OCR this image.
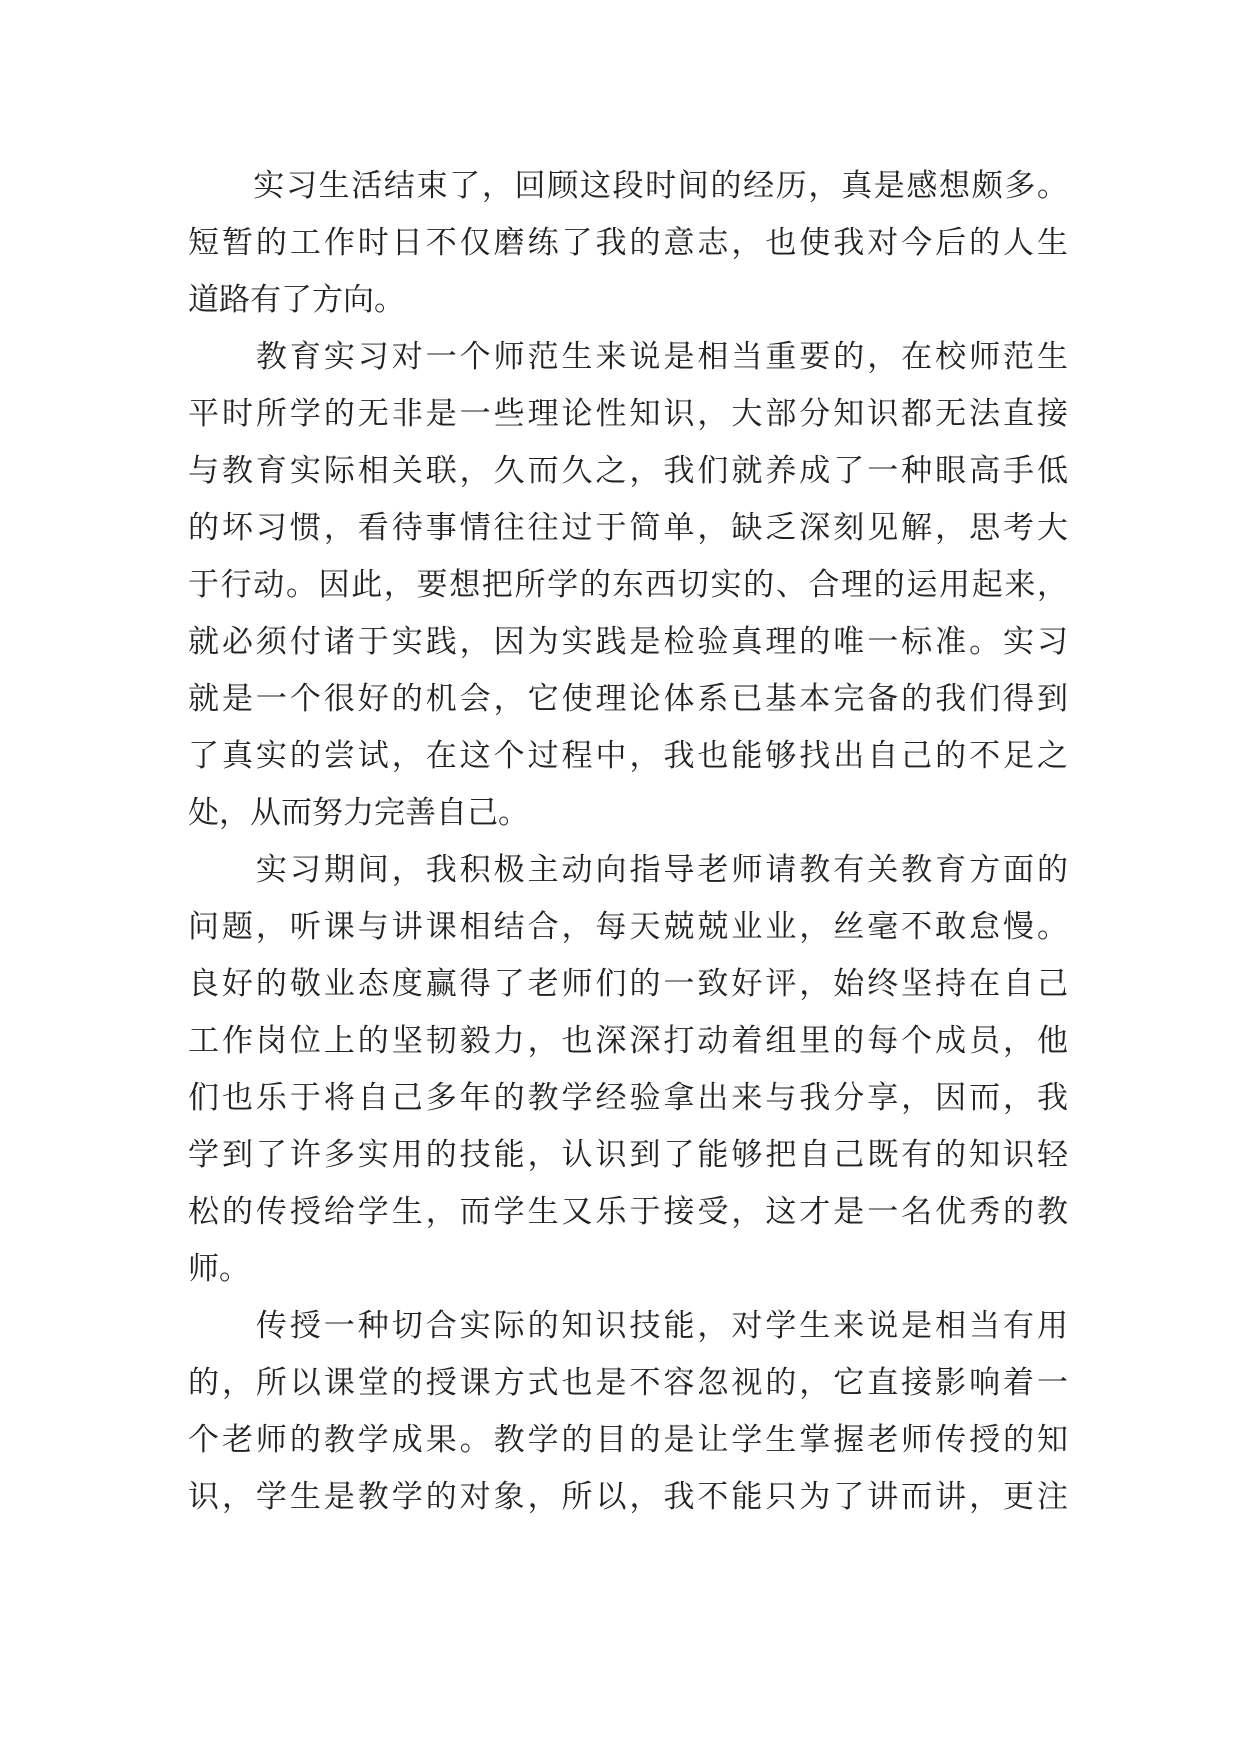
　　实习生活结束了，回顾这段时间的经历，真是感想颇多。
短暂的工作时日不仅磨练了我的意志，也使我对今后的人生
道路有了方向。
　　教育实习对一个师范生来说是相当重要的，在校师范生
平时所学的无非是一些理论性知识，大部分知识都无法直接
与教育实际相关联，久而久之，我们就养成了一种眼高手低
的坏习惯，看待事情往往过于简单，缺乏深刻见解，思考大
于行动。因此，要想把所学的东西切实的、合理的运用起来，
就必须付诸于实践，因为实践是检验真理的唯一标准。实习
就是一个很好的机会，它使理论体系已基本完备的我们得到
了真实的尝试，在这个过程中，我也能够找出自己的不足之
处，从而努力完善自己。
　　实习期间，我积极主动向指导老师请教有关教育方面的
问题，听课与讲课相结合，每天兢兢业业，丝毫不敢怠慢。
良好的敬业态度赢得了老师们的一致好评，始终坚持在自己
工作岗位上的坚韧毅力，也深深打动着组里的每个成员，他
们也乐于将自己多年的教学经验拿出来与我分享，因而，我
学到了许多实用的技能，认识到了能够把自己既有的知识轻
松的传授给学生，而学生又乐于接受，这才是一名优秀的教
师。
　　传授一种切合实际的知识技能，对学生来说是相当有用
的，所以课堂的授课方式也是不容忽视的，它直接影响着一
个老师的教学成果。教学的目的是让学生掌握老师传授的知
识，学生是教学的对象，所以，我不能只为了讲而讲，更注
